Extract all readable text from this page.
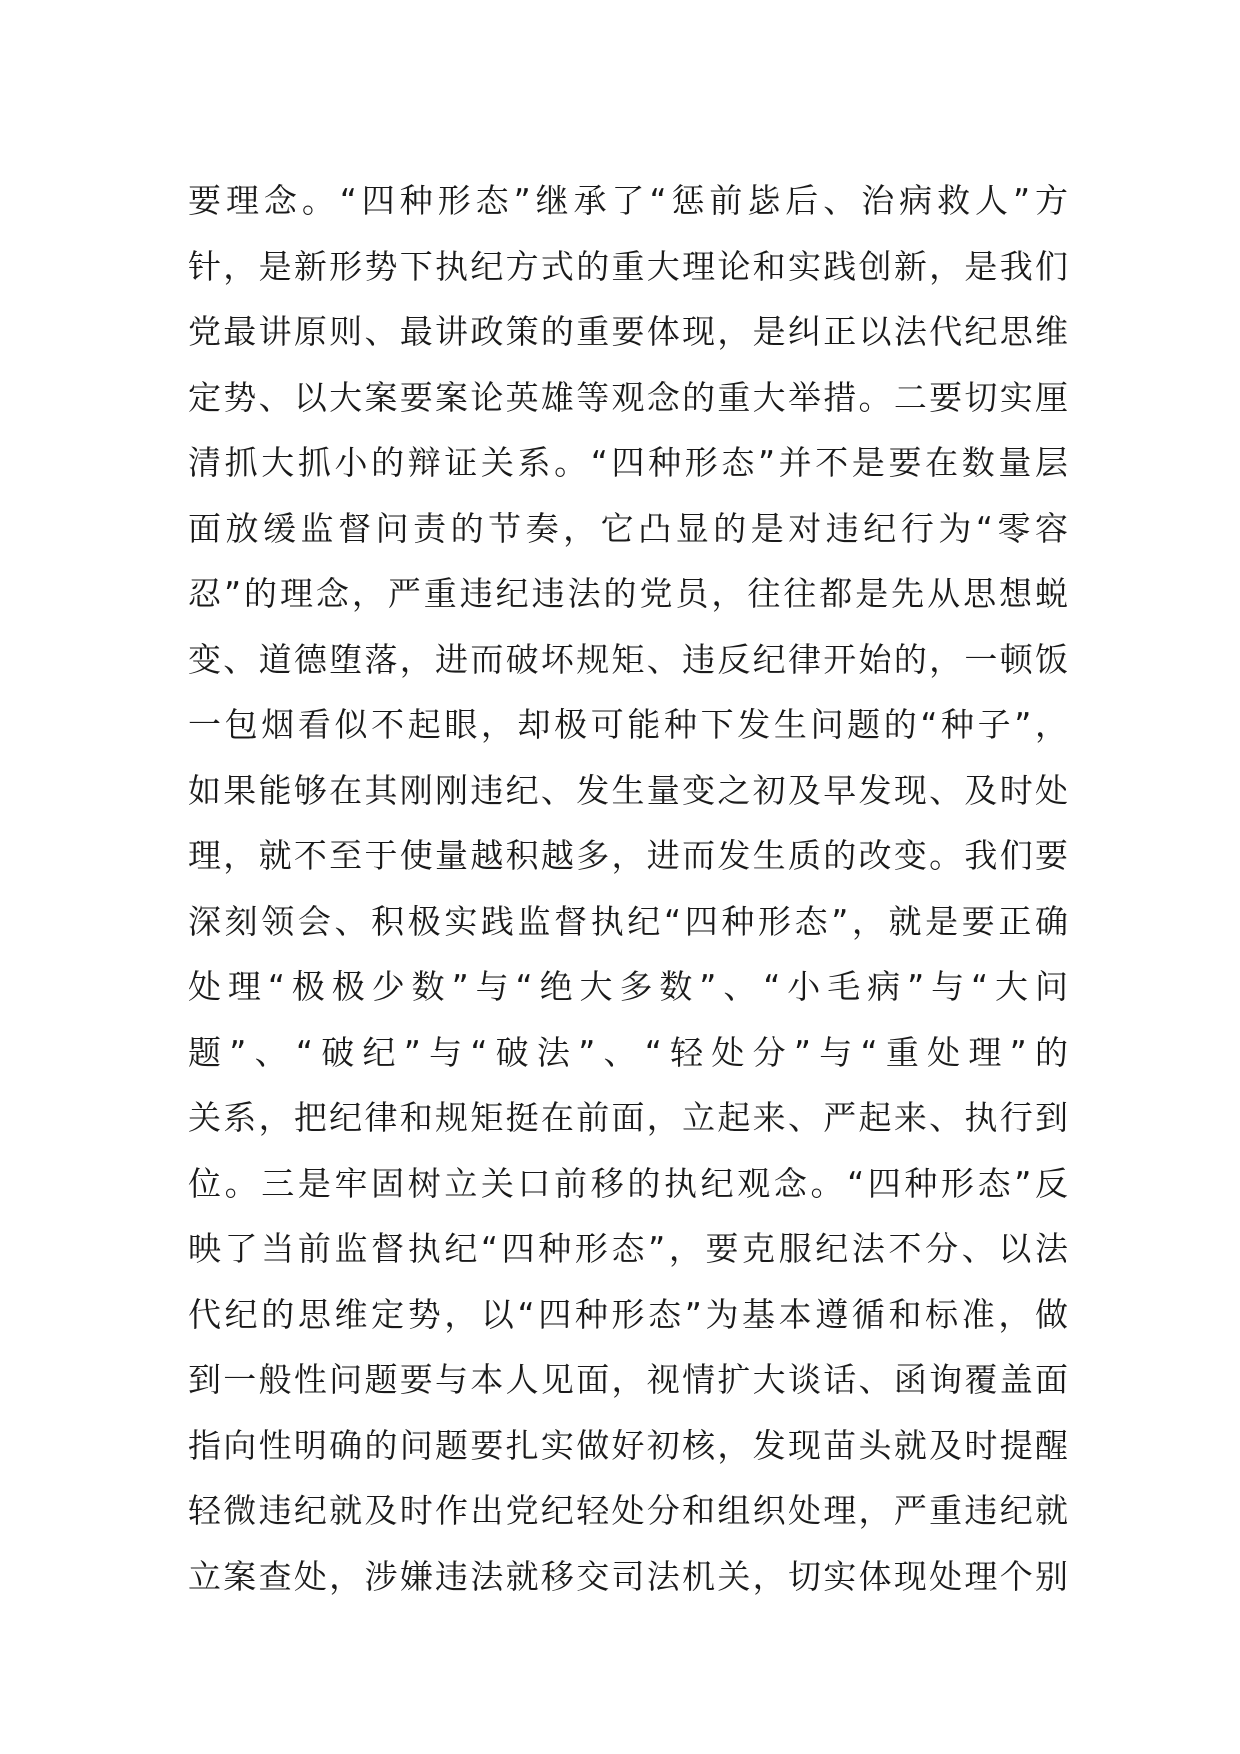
要理念。“四种形态”继承了“惩前毖后、治病救人”方
针，是新形势下执纪方式的重大理论和实践创新，是我们
党最讲原则、最讲政策的重要体现，是纠正以法代纪思维
定势、以大案要案论英雄等观念的重大举措。二要切实厘
清抓大抓小的辩证关系。“四种形态”并不是要在数量层
面放缓监督问责的节奏，它凸显的是对违纪行为“零容
忍”的理念，严重违纪违法的党员，往往都是先从思想蜕
变、道德堕落，进而破坏规矩、违反纪律开始的，一顿饭
一包烟看似不起眼，却极可能种下发生问题的“种子”，
如果能够在其刚刚违纪、发生量变之初及早发现、及时处
理，就不至于使量越积越多，进而发生质的改变。我们要
深刻领会、积极实践监督执纪“四种形态”，就是要正确
处理“极极少数”与“绝大多数”、“小毛病”与“大问
题”、“破纪”与“破法”、“轻处分”与“重处理”的
关系，把纪律和规矩挺在前面，立起来、严起来、执行到
位。三是牢固树立关口前移的执纪观念。“四种形态”反
映了当前监督执纪“四种形态”，要克服纪法不分、以法
代纪的思维定势，以“四种形态”为基本遵循和标准，做
到一般性问题要与本人见面，视情扩大谈话、函询覆盖面
指向性明确的问题要扎实做好初核，发现苗头就及时提醒
轻微违纪就及时作出党纪轻处分和组织处理，严重违纪就
立案查处，涉嫌违法就移交司法机关，切实体现处理个别
